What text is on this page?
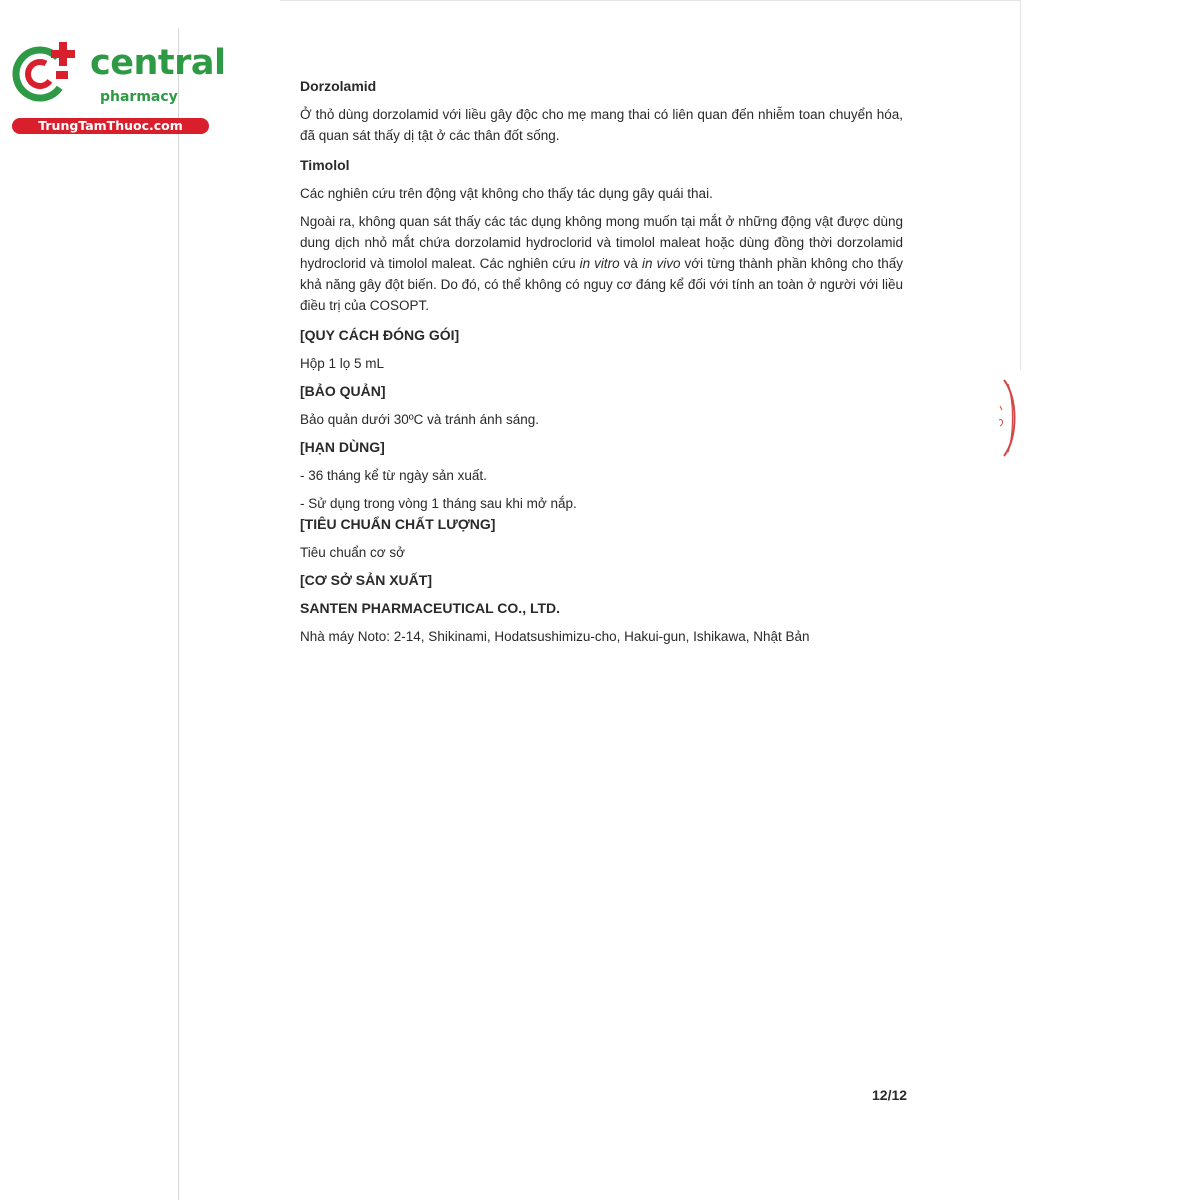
central
pharmacy
TrungTamThuoc.com

Dorzolamid

Ở thỏ dùng dorzolamid với liều gây độc cho mẹ mang thai có liên quan đến nhiễm toan chuyển hóa, đã quan sát thấy dị tật ở các thân đốt sống.

Timolol

Các nghiên cứu trên động vật không cho thấy tác dụng gây quái thai.

Ngoài ra, không quan sát thấy các tác dụng không mong muốn tại mắt ở những động vật được dùng dung dịch nhỏ mắt chứa dorzolamid hydroclorid và timolol maleat hoặc dùng đồng thời dorzolamid hydroclorid và timolol maleat. Các nghiên cứu in vitro và in vivo với từng thành phần không cho thấy khả năng gây đột biến. Do đó, có thể không có nguy cơ đáng kể đối với tính an toàn ở người với liều điều trị của COSOPT.

[QUY CÁCH ĐÓNG GÓI]

Hộp 1 lọ 5 mL

[BẢO QUẢN]

Bảo quản dưới 30ºC và tránh ánh sáng.

[HẠN DÙNG]

- 36 tháng kể từ ngày sản xuất.

- Sử dụng trong vòng 1 tháng sau khi mở nắp.

[TIÊU CHUẨN CHẤT LƯỢNG]

Tiêu chuẩn cơ sở

[CƠ SỞ SẢN XUẤT]

SANTEN PHARMACEUTICAL CO., LTD.

Nhà máy Noto: 2-14, Shikinami, Hodatsushimizu-cho, Hakui-gun, Ishikawa, Nhật Bản

12/12
